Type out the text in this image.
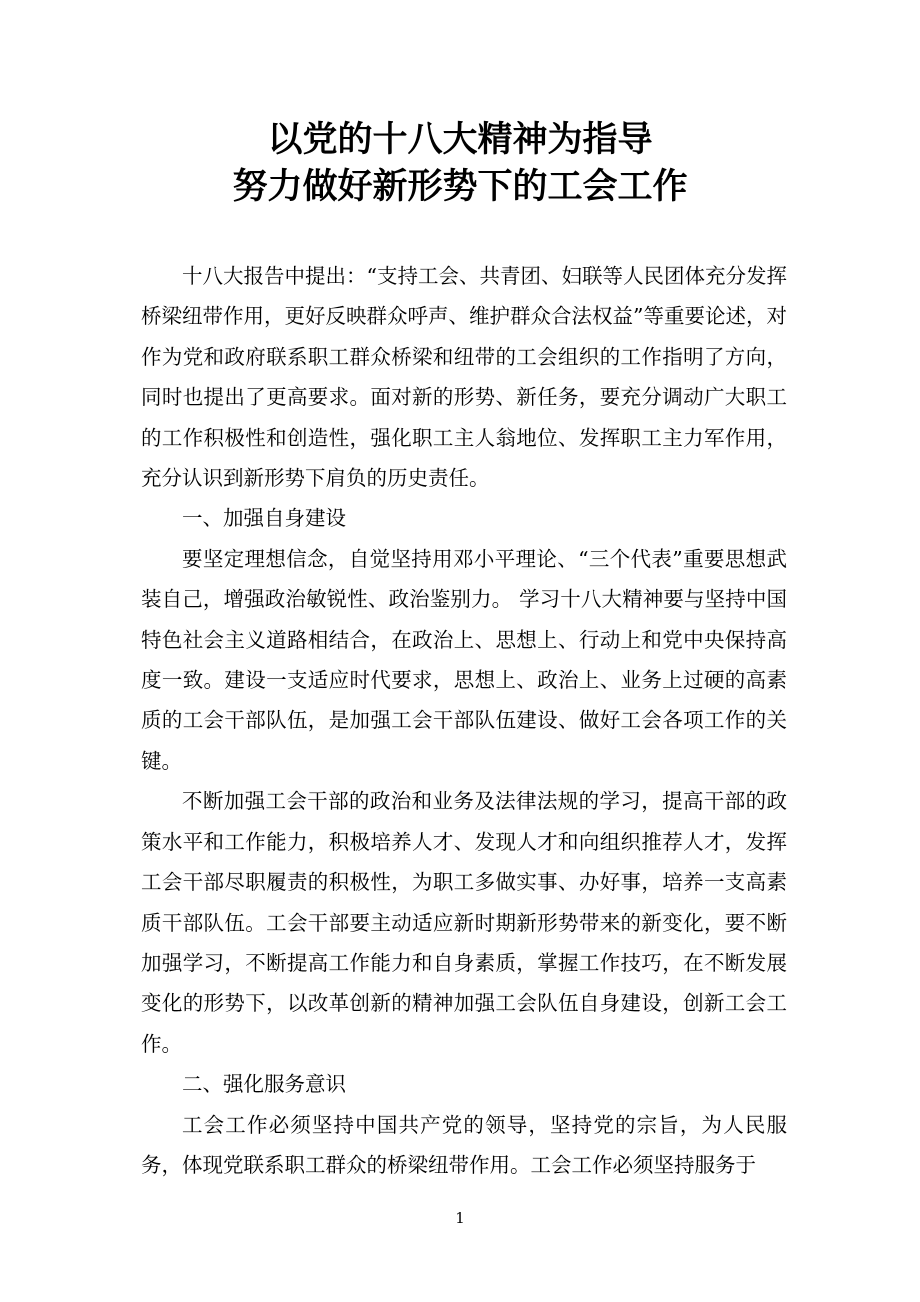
以党的十八大精神为指导
努力做好新形势下的工会工作

十八大报告中提出：“支持工会、共青团、妇联等人民团体充分发挥桥梁纽带作用，更好反映群众呼声、维护群众合法权益”等重要论述，对作为党和政府联系职工群众桥梁和纽带的工会组织的工作指明了方向，同时也提出了更高要求。面对新的形势、新任务，要充分调动广大职工的工作积极性和创造性，强化职工主人翁地位、发挥职工主力军作用，充分认识到新形势下肩负的历史责任。

一、加强自身建设

要坚定理想信念，自觉坚持用邓小平理论、“三个代表”重要思想武装自己，增强政治敏锐性、政治鉴别力。 学习十八大精神要与坚持中国特色社会主义道路相结合，在政治上、思想上、行动上和党中央保持高度一致。建设一支适应时代要求，思想上、政治上、业务上过硬的高素质的工会干部队伍，是加强工会干部队伍建设、做好工会各项工作的关键。

不断加强工会干部的政治和业务及法律法规的学习，提高干部的政策水平和工作能力，积极培养人才、发现人才和向组织推荐人才，发挥工会干部尽职履责的积极性，为职工多做实事、办好事，培养一支高素质干部队伍。工会干部要主动适应新时期新形势带来的新变化，要不断加强学习，不断提高工作能力和自身素质，掌握工作技巧，在不断发展变化的形势下，以改革创新的精神加强工会队伍自身建设，创新工会工作。

二、强化服务意识

工会工作必须坚持中国共产党的领导，坚持党的宗旨，为人民服务，体现党联系职工群众的桥梁纽带作用。工会工作必须坚持服务于

1
